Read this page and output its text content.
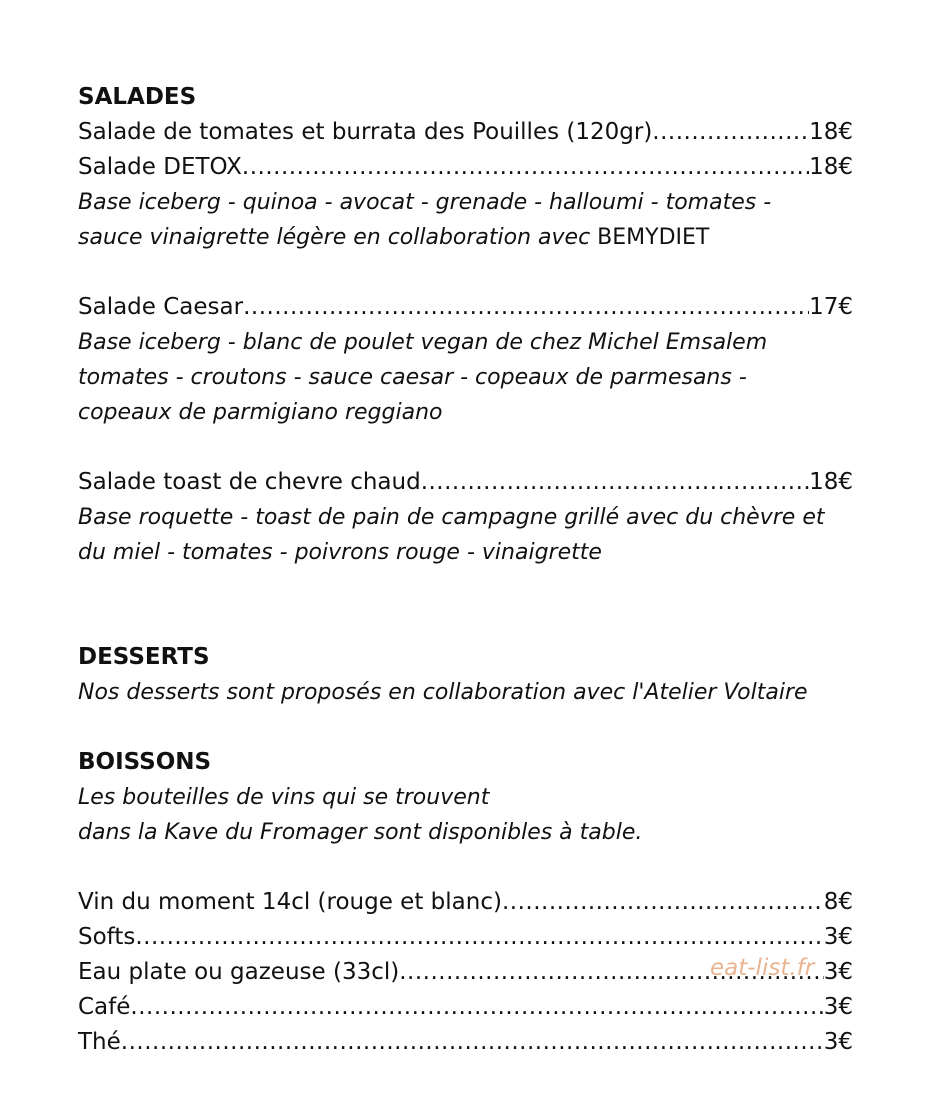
SALADES
Salade de tomates et burrata des Pouilles (120gr) .....	18€
Salade DETOX .....	18€

Base iceberg - quinoa - avocat - grenade - halloumi - tomates -

sauce vinaigrette légère en collaboration avec BEMYDIET

Salade Caesar .....	17€

Base iceberg - blanc de poulet vegan de chez Michel Emsalem

tomates - croutons - sauce caesar - copeaux de parmesans -

copeaux de parmigiano reggiano

Salade toast de chevre chaud .....	18€

Base roquette - toast de pain de campagne grillé avec du chèvre et

du miel - tomates - poivrons rouge - vinaigrette

DESSERTS

Nos desserts sont proposés en collaboration avec l'Atelier Voltaire

BOISSONS

Les bouteilles de vins qui se trouvent

dans la Kave du Fromager sont disponibles à table.

Vin du moment 14cl (rouge et blanc) .....	8€
Softs .....	3€
Eau plate ou gazeuse (33cl) .....	3€
Café .....	3€
Thé .....	3€
eat-list.fr
